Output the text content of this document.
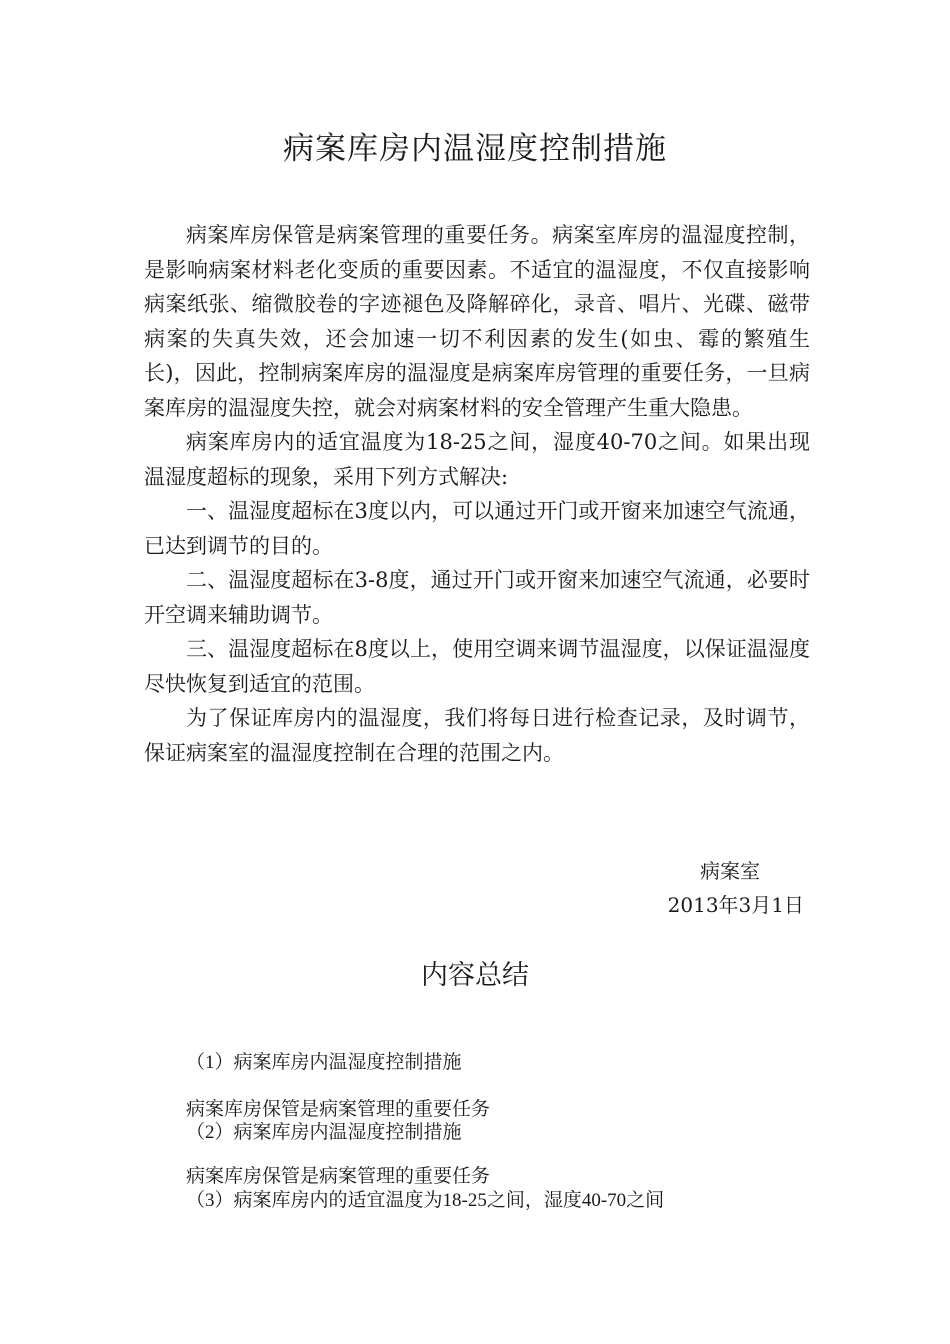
病案库房内温湿度控制措施

病案库房保管是病案管理的重要任务。病案室库房的温湿度控制，是影响病案材料老化变质的重要因素。不适宜的温湿度，不仅直接影响病案纸张、缩微胶卷的字迹褪色及降解碎化，录音、唱片、光碟、磁带病案的失真失效，还会加速一切不利因素的发生(如虫、霉的繁殖生长)，因此，控制病案库房的温湿度是病案库房管理的重要任务，一旦病案库房的温湿度失控，就会对病案材料的安全管理产生重大隐患。

病案库房内的适宜温度为18-25之间，湿度40-70之间。如果出现温湿度超标的现象，采用下列方式解决:

一、温湿度超标在3度以内，可以通过开门或开窗来加速空气流通，已达到调节的目的。

二、温湿度超标在3-8度，通过开门或开窗来加速空气流通，必要时开空调来辅助调节。

三、温湿度超标在8度以上，使用空调来调节温湿度，以保证温湿度尽快恢复到适宜的范围。

为了保证库房内的温湿度，我们将每日进行检查记录，及时调节，保证病案室的温湿度控制在合理的范围之内。

病案室
2013年3月1日
内容总结
（1）病案库房内温湿度控制措施
病案库房保管是病案管理的重要任务
（2）病案库房内温湿度控制措施
病案库房保管是病案管理的重要任务
（3）病案库房内的适宜温度为18-25之间，湿度40-70之间
